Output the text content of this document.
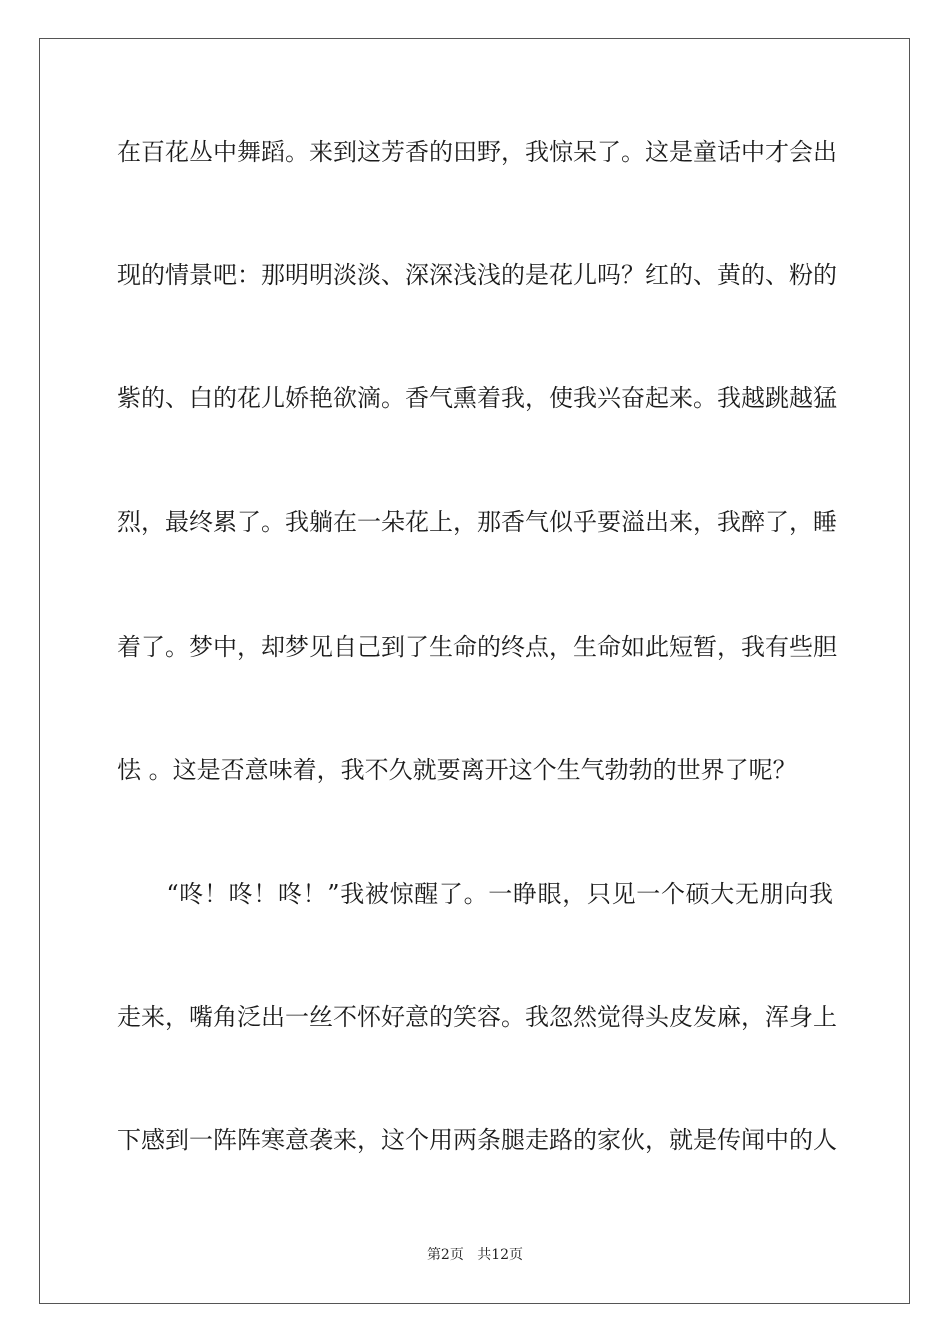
在百花丛中舞蹈。来到这芳香的田野，我惊呆了。这是童话中才会出
现的情景吧：那明明淡淡、深深浅浅的是花儿吗？红的、黄的、粉的
紫的、白的花儿娇艳欲滴。香气熏着我，使我兴奋起来。我越跳越猛
烈，最终累了。我躺在一朵花上，那香气似乎要溢出来，我醉了，睡
着了。梦中，却梦见自己到了生命的终点，生命如此短暂，我有些胆
怯 。这是否意味着，我不久就要离开这个生气勃勃的世界了呢？
　　“咚！咚！咚！”我被惊醒了。一睁眼，只见一个硕大无朋向我
走来，嘴角泛出一丝不怀好意的笑容。我忽然觉得头皮发麻，浑身上
下感到一阵阵寒意袭来，这个用两条腿走路的家伙，就是传闻中的人
第2页 共12页
